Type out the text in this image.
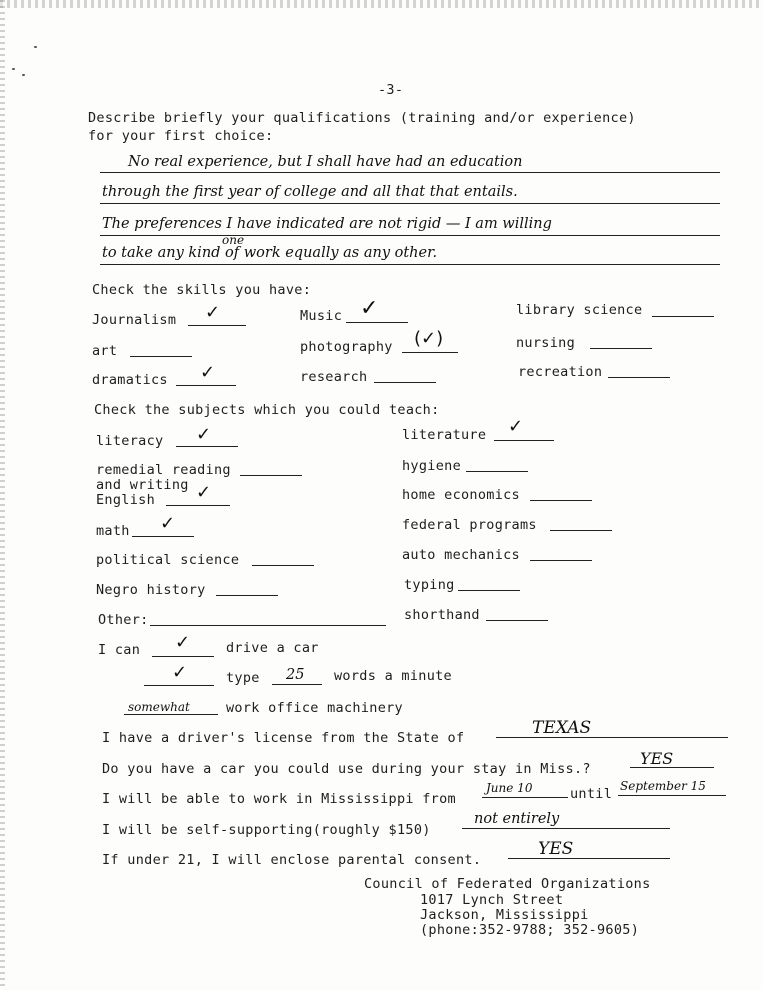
-3-
Describe briefly your qualifications (training and/or experience)
for your first choice:
No real experience, but I shall have had an education
through the first year of college and all that that entails.
The preferences I have indicated are not rigid — I am willing
to take any kind of work equally as any other.
one
Check the skills you have:
Journalism ✓	Music ✓	library science
art	photography (✓)	nursing
dramatics ✓	research	recreation
Check the subjects which you could teach:
literacy ✓	literature ✓
remedial reading	hygiene
and writing
English ✓	home economics
math ✓	federal programs
political science	auto mechanics
Negro history	typing
Other:	shorthand
I can ✓	drive a car
✓	type 25 words a minute
somewhat	work office machinery
I have a driver's license from the State of	TEXAS
Do you have a car you could use during your stay in Miss.?
YES
I will be able to work in Mississippi from
June 10	until September 15
I will be self-supporting(roughly $150)
not entirely
If under 21, I will enclose parental consent.
YES
Council of Federated Organizations
1017 Lynch Street
Jackson, Mississippi
(phone:352-9788; 352-9605)
